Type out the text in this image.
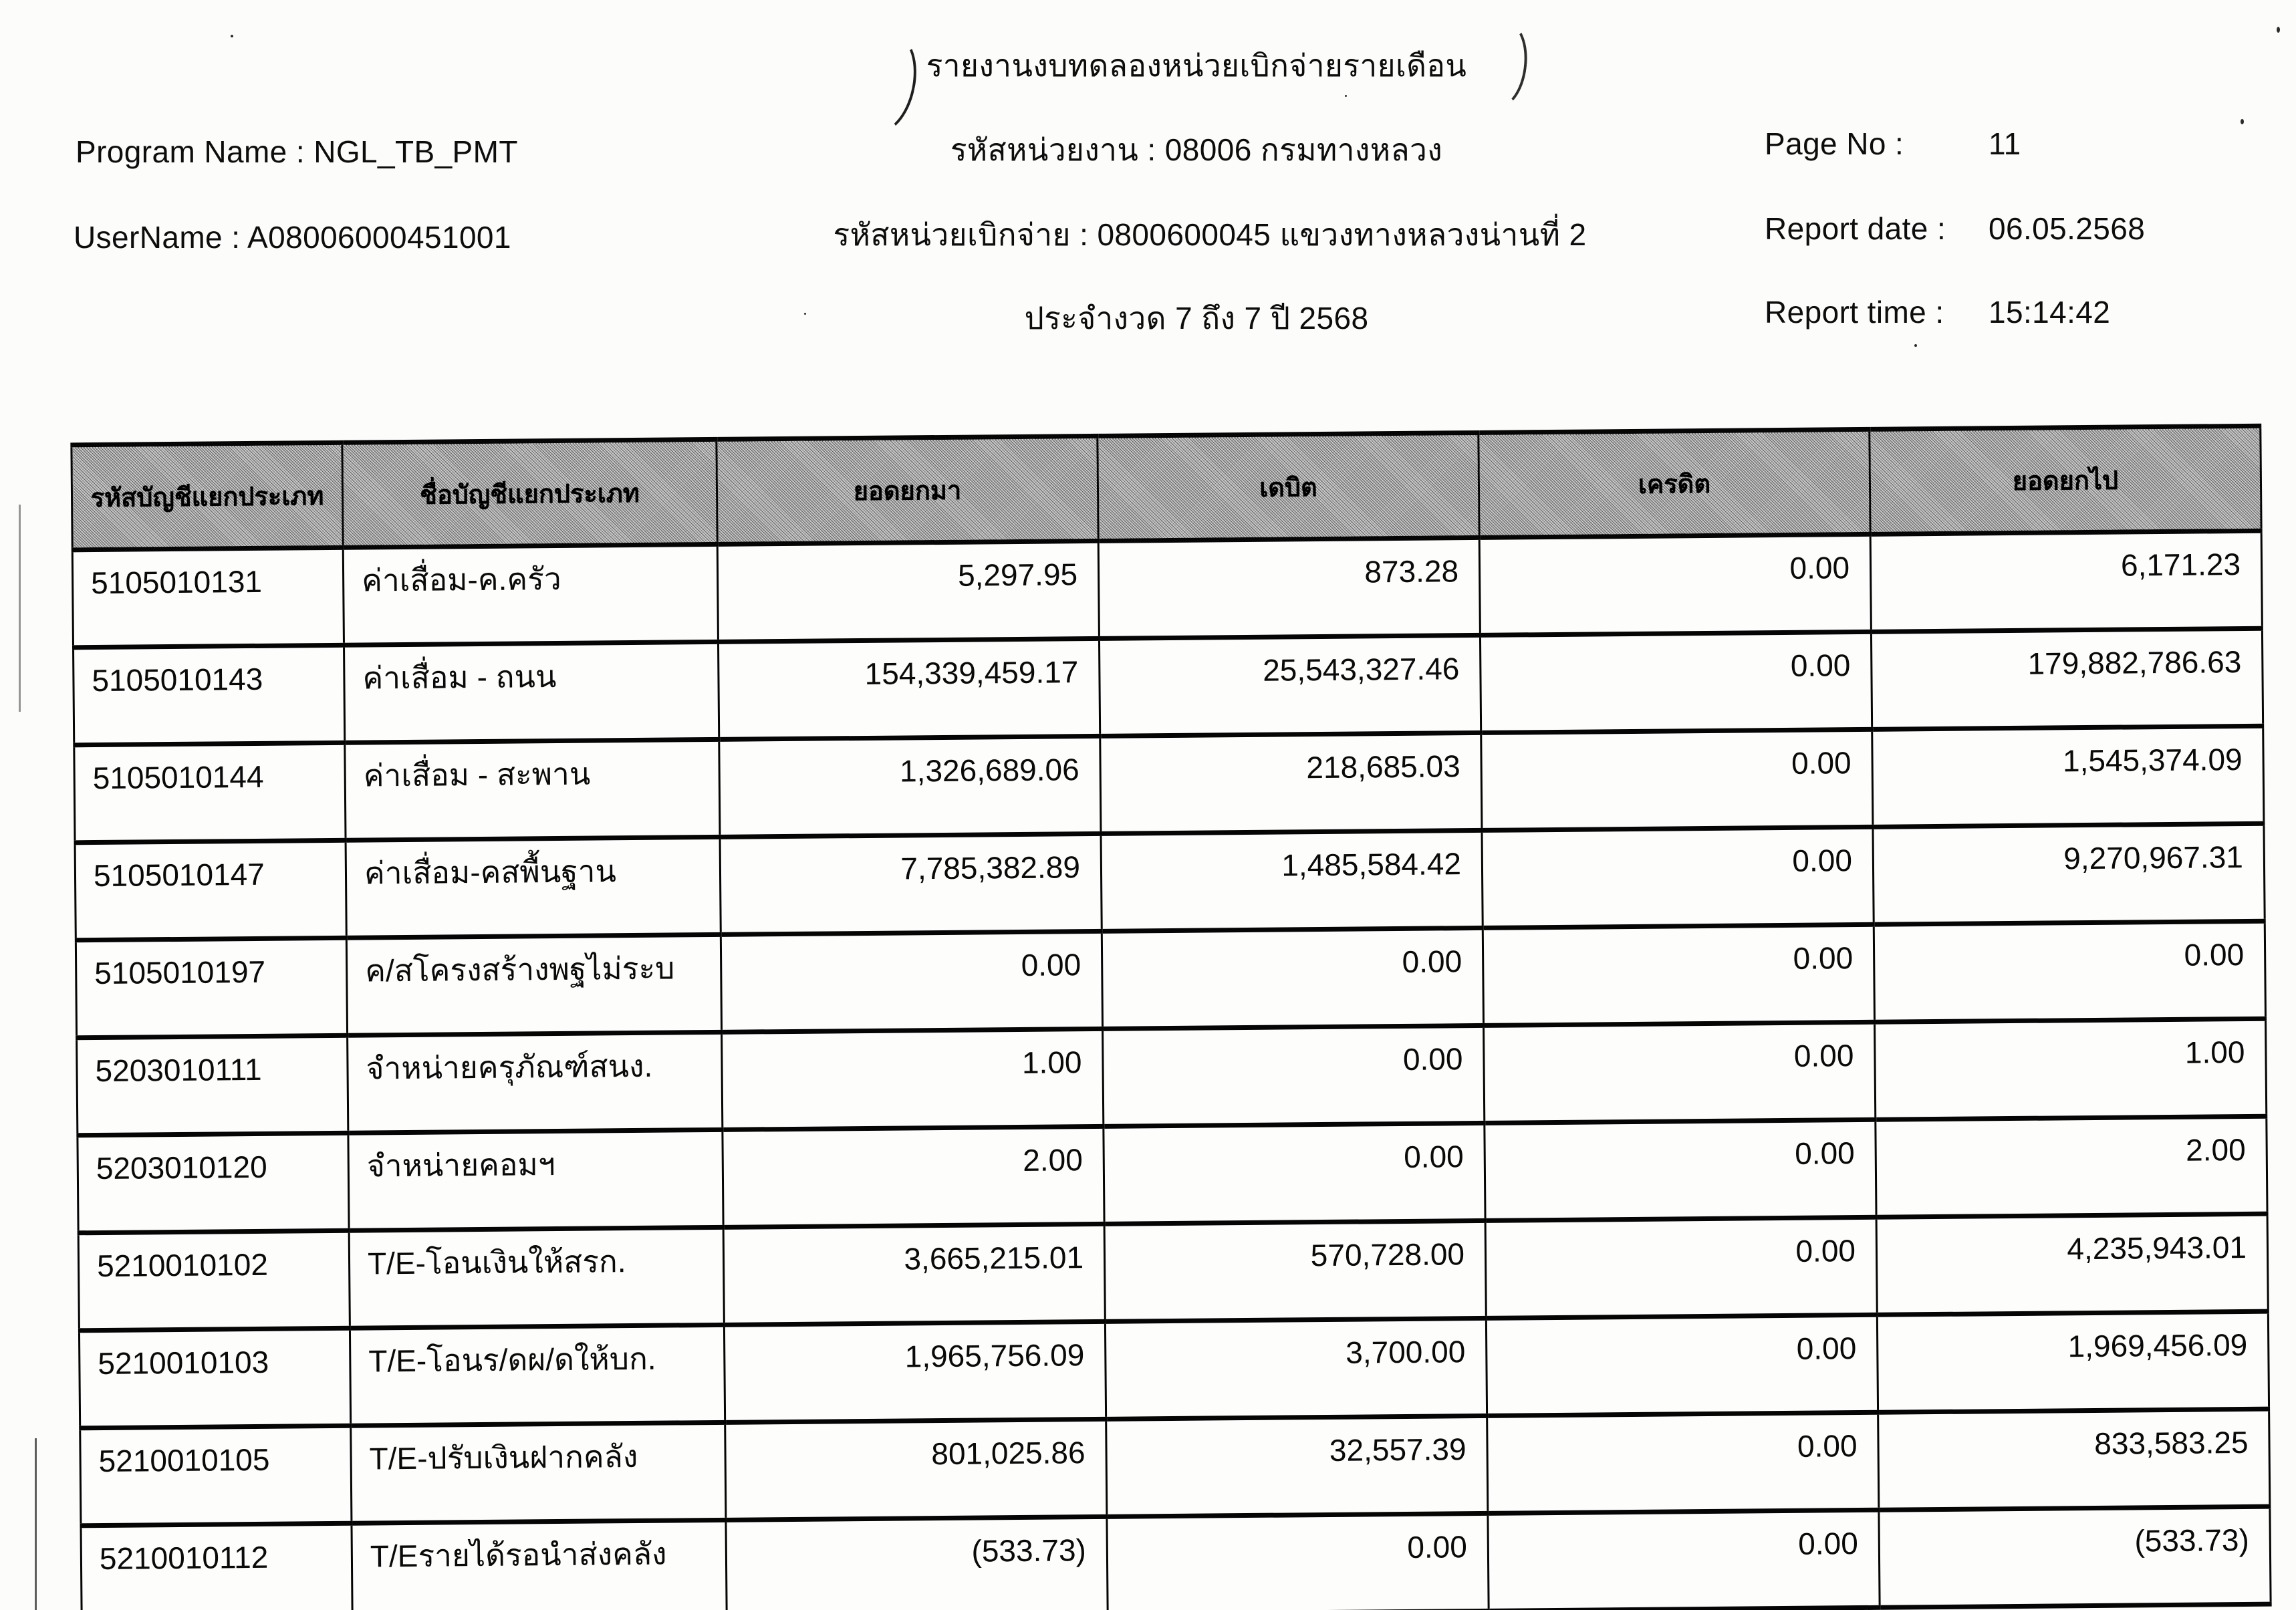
รายงานงบทดลองหน่วยเบิกจ่ายรายเดือน
Program Name : NGL_TB_PMT
UserName : A08006000451001
รหัสหน่วยงาน : 08006 กรมทางหลวง
รหัสหน่วยเบิกจ่าย : 0800600045 แขวงทางหลวงน่านที่ 2
ประจำงวด 7 ถึง 7 ปี 2568
Page No :	11
Report date : 06.05.2568
Report time : 15:14:42
รหัสบัญชีแยกประเภท	ชื่อบัญชีแยกประเภท	ยอดยกมา	เดบิต	เครดิต	ยอดยกไป
5105010131	ค่าเสื่อม-ค.ครัว	5,297.95	873.28	0.00	6,171.23
5105010143	ค่าเสื่อม - ถนน	154,339,459.17	25,543,327.46	0.00	179,882,786.63
5105010144	ค่าเสื่อม - สะพาน	1,326,689.06	218,685.03	0.00	1,545,374.09
5105010147	ค่าเสื่อม-คสพื้นฐาน	7,785,382.89	1,485,584.42	0.00	9,270,967.31
5105010197	ค/สโครงสร้างพฐไม่ระบ	0.00	0.00	0.00	0.00
5203010111	จำหน่ายครุภัณฑ์สนง.	1.00	0.00	0.00	1.00
5203010120	จำหน่ายคอมฯ	2.00	0.00	0.00	2.00
5210010102	T/E-โอนเงินให้สรก.	3,665,215.01	570,728.00	0.00	4,235,943.01
5210010103	T/E-โอนร/ดผ/ดให้บก.	1,965,756.09	3,700.00	0.00	1,969,456.09
5210010105	T/E-ปรับเงินฝากคลัง	801,025.86	32,557.39	0.00	833,583.25
5210010112	T/Eรายได้รอนำส่งคลัง	(533.73)	0.00	0.00	(533.73)
